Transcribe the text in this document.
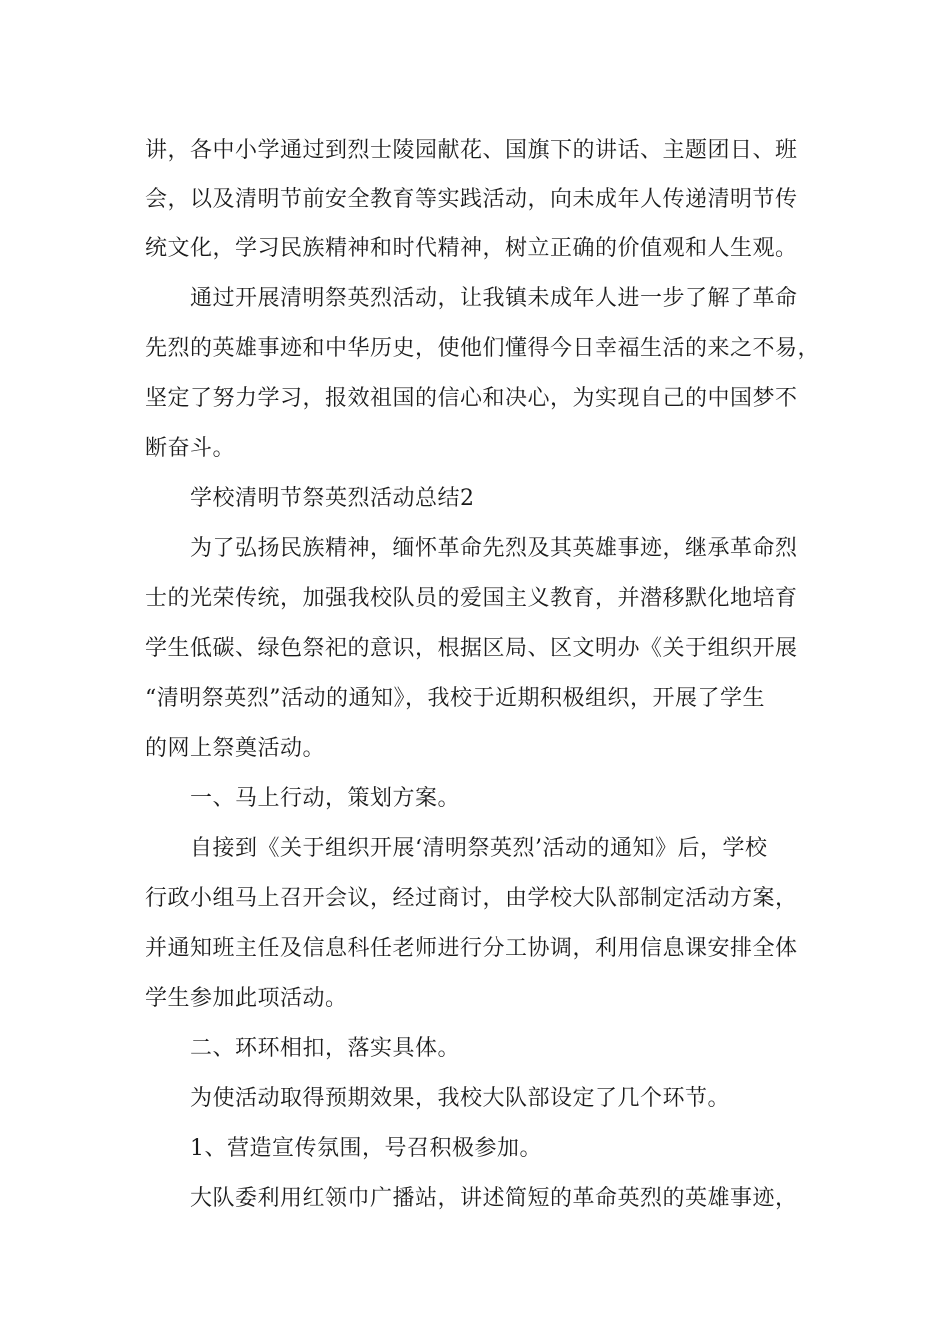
讲，各中小学通过到烈士陵园献花、国旗下的讲话、主题团日、班
会，以及清明节前安全教育等实践活动，向未成年人传递清明节传
统文化，学习民族精神和时代精神，树立正确的价值观和人生观。
通过开展清明祭英烈活动，让我镇未成年人进一步了解了革命
先烈的英雄事迹和中华历史，使他们懂得今日幸福生活的来之不易，
坚定了努力学习，报效祖国的信心和决心，为实现自己的中国梦不
断奋斗。
学校清明节祭英烈活动总结2
为了弘扬民族精神，缅怀革命先烈及其英雄事迹，继承革命烈
士的光荣传统，加强我校队员的爱国主义教育，并潜移默化地培育
学生低碳、绿色祭祀的意识，根据区局、区文明办《关于组织开展
“清明祭英烈”活动的通知》，我校于近期积极组织，开展了学生
的网上祭奠活动。
一、马上行动，策划方案。
自接到《关于组织开展‘清明祭英烈’活动的通知》后，学校
行政小组马上召开会议，经过商讨，由学校大队部制定活动方案，
并通知班主任及信息科任老师进行分工协调，利用信息课安排全体
学生参加此项活动。
二、环环相扣，落实具体。
为使活动取得预期效果，我校大队部设定了几个环节。
1、营造宣传氛围，号召积极参加。
大队委利用红领巾广播站，讲述简短的革命英烈的英雄事迹，
